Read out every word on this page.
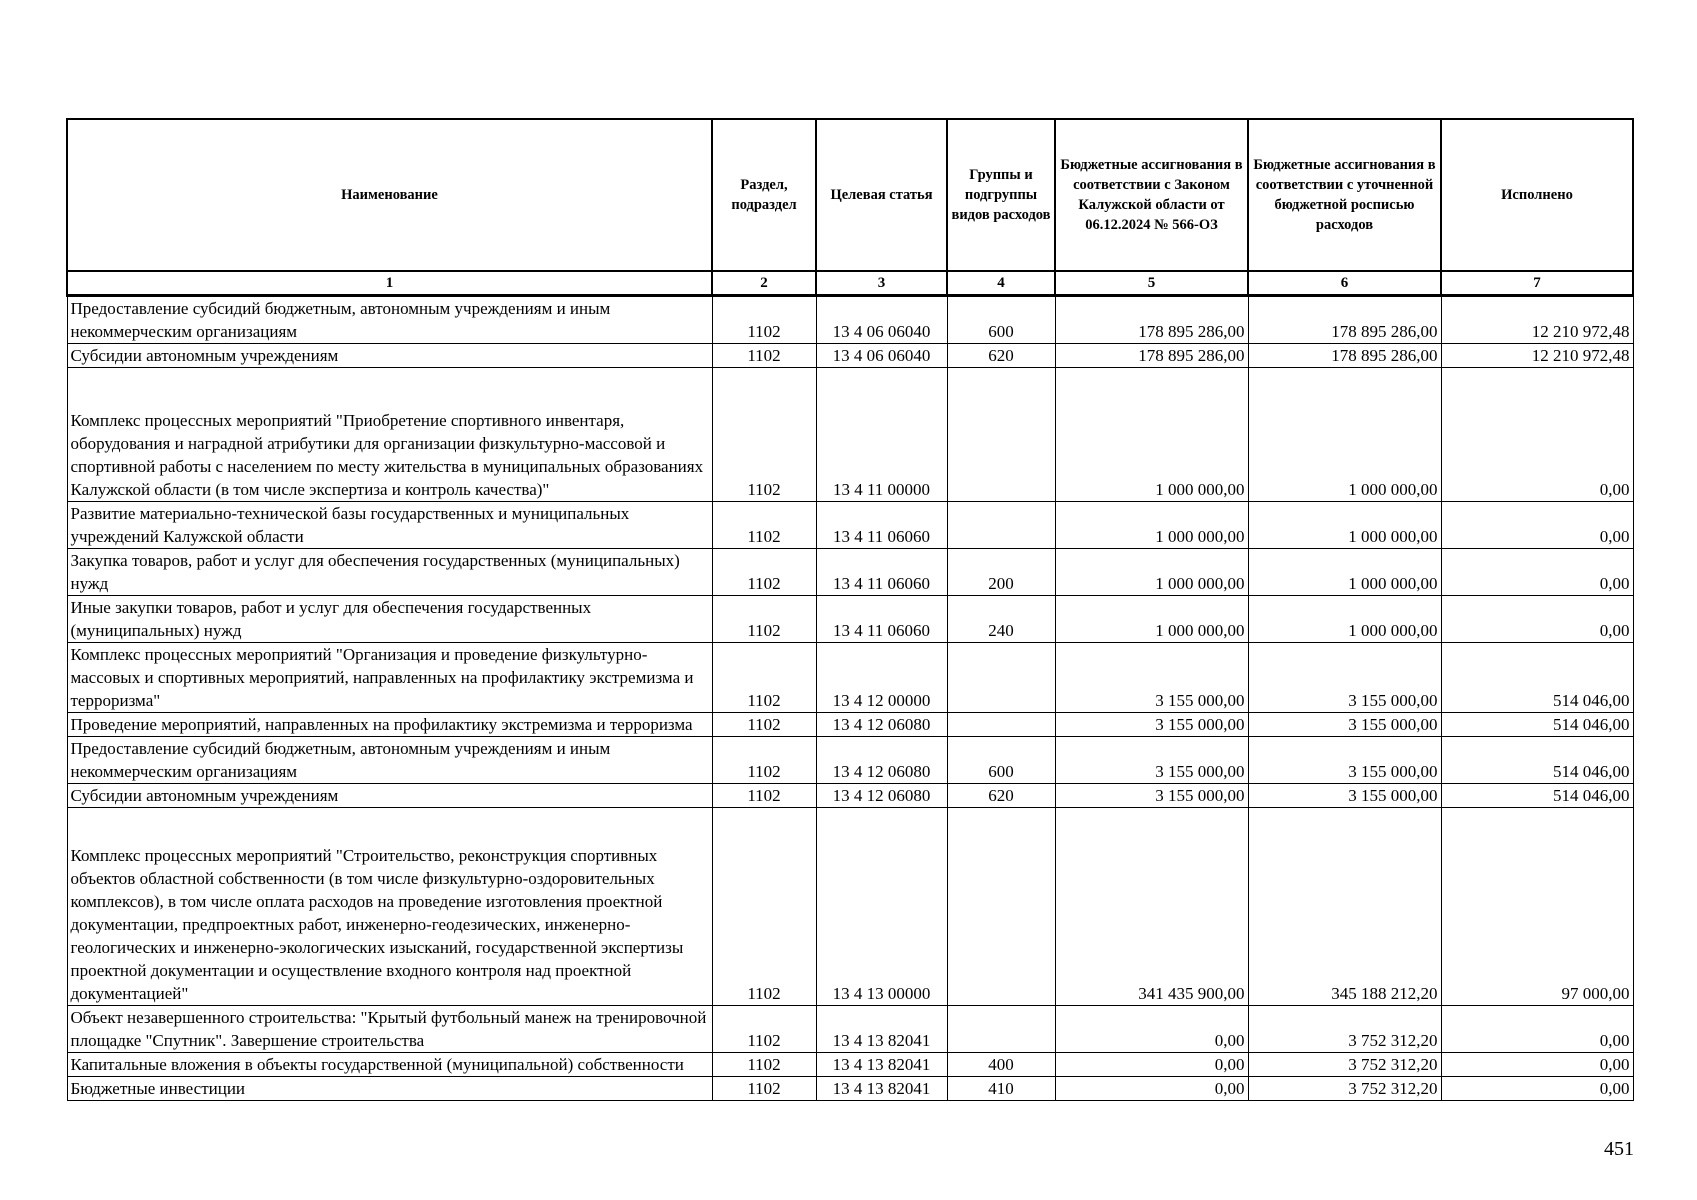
Наименование	Раздел, подраздел	Целевая статья	Группы и подгруппы видов расходов	Бюджетные ассигнования в соответствии с Законом Калужской области от 06.12.2024 № 566-ОЗ	Бюджетные ассигнования в соответствии с уточненной бюджетной росписью расходов	Исполнено
1	2	3	4	5	6	7
Предоставление субсидий бюджетным, автономным учреждениям и иным некоммерческим организациям	1102	13 4 06 06040	600	178 895 286,00	178 895 286,00	12 210 972,48
Субсидии автономным учреждениям	1102	13 4 06 06040	620	178 895 286,00	178 895 286,00	12 210 972,48
Комплекс процессных мероприятий "Приобретение спортивного инвентаря, оборудования и наградной атрибутики для организации физкультурно-массовой и спортивной работы с населением по месту жительства в муниципальных образованиях Калужской области (в том числе экспертиза и контроль качества)"	1102	13 4 11 00000		1 000 000,00	1 000 000,00	0,00
Развитие материально-технической базы государственных и муниципальных учреждений Калужской области	1102	13 4 11 06060		1 000 000,00	1 000 000,00	0,00
Закупка товаров, работ и услуг для обеспечения государственных (муниципальных) нужд	1102	13 4 11 06060	200	1 000 000,00	1 000 000,00	0,00
Иные закупки товаров, работ и услуг для обеспечения государственных (муниципальных) нужд	1102	13 4 11 06060	240	1 000 000,00	1 000 000,00	0,00
Комплекс процессных мероприятий "Организация и проведение физкультурно-массовых и спортивных мероприятий, направленных на профилактику экстремизма и терроризма"	1102	13 4 12 00000		3 155 000,00	3 155 000,00	514 046,00
Проведение мероприятий, направленных на профилактику экстремизма и терроризма	1102	13 4 12 06080		3 155 000,00	3 155 000,00	514 046,00
Предоставление субсидий бюджетным, автономным учреждениям и иным некоммерческим организациям	1102	13 4 12 06080	600	3 155 000,00	3 155 000,00	514 046,00
Субсидии автономным учреждениям	1102	13 4 12 06080	620	3 155 000,00	3 155 000,00	514 046,00
Комплекс процессных мероприятий "Строительство, реконструкция спортивных объектов областной собственности (в том числе физкультурно-оздоровительных комплексов), в том числе оплата расходов на проведение изготовления проектной документации, предпроектных работ, инженерно-геодезических, инженерно-геологических и инженерно-экологических изысканий, государственной экспертизы проектной документации и осуществление входного контроля над проектной документацией"	1102	13 4 13 00000		341 435 900,00	345 188 212,20	97 000,00
Объект незавершенного строительства: "Крытый футбольный манеж на тренировочной площадке "Спутник". Завершение строительства	1102	13 4 13 82041		0,00	3 752 312,20	0,00
Капитальные вложения в объекты государственной (муниципальной) собственности	1102	13 4 13 82041	400	0,00	3 752 312,20	0,00
Бюджетные инвестиции	1102	13 4 13 82041	410	0,00	3 752 312,20	0,00
451
